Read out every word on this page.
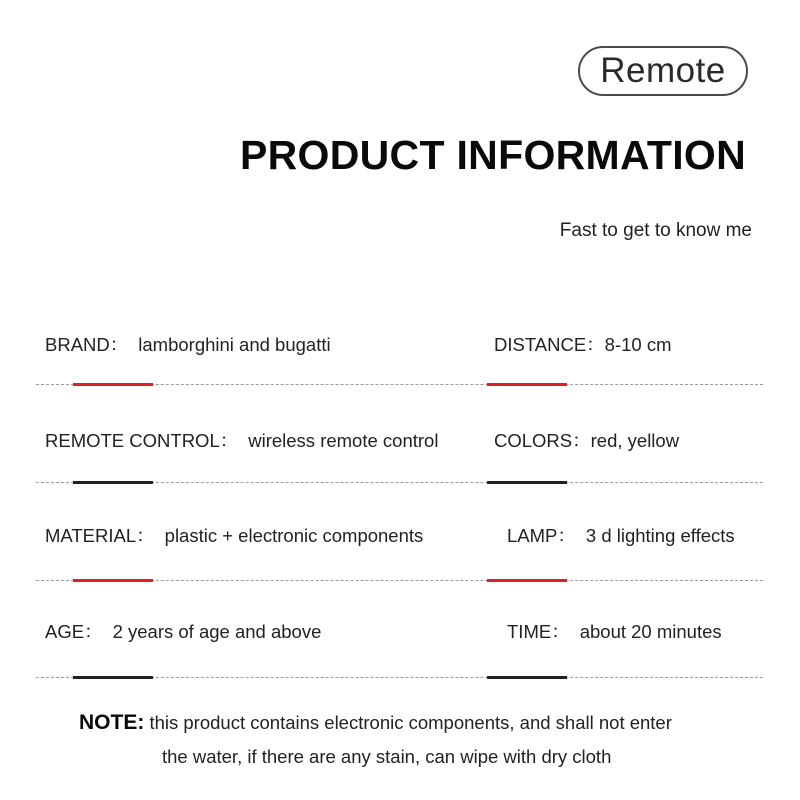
Remote
PRODUCT INFORMATION
Fast to get to know me
BRAND： lamborghini and bugatti	DISTANCE：8-10 cm
REMOTE CONTROL： wireless remote control	COLORS：red, yellow
MATERIAL： plastic + electronic components	LAMP： 3 d lighting effects
AGE： 2 years of age and above	TIME： about 20 minutes
NOTE: this product contains electronic components, and shall not enter
the water, if there are any stain, can wipe with dry cloth
